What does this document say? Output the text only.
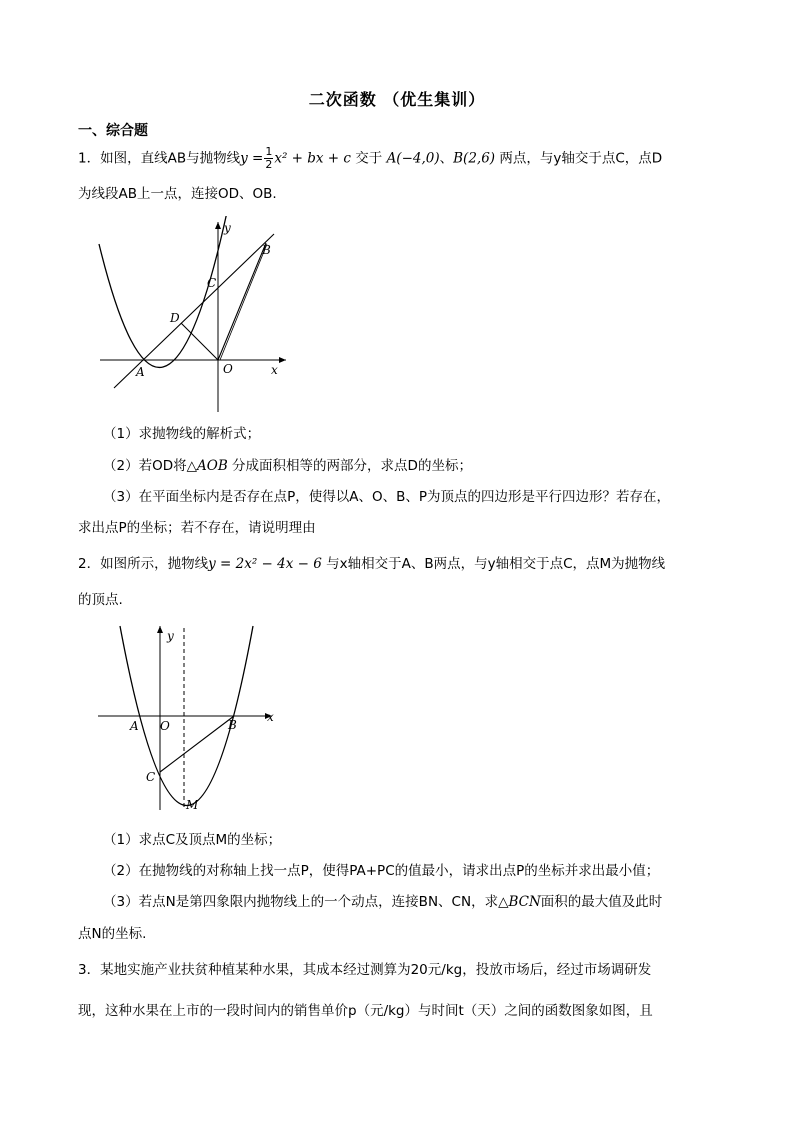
二次函数 （优生集训）
一、综合题
1．如图，直线AB与抛物线$y = \frac{1}{2} x^2$ + bx + c 交于 A(−4,0)、B(2,6) 两点，与y轴交于点C，点D
为线段AB上一点，连接OD、OB.
y
x
A	O
B
C
D
（1）求抛物线的解析式；
（2）若OD将△AOB 分成面积相等的两部分，求点D的坐标；
（3）在平面坐标内是否存在点P，使得以A、O、B、P为顶点的四边形是平行四边形？若存在，
求出点P的坐标；若不存在，请说明理由
2．如图所示，抛物线y = 2x² − 4x − 6 与x轴相交于A、B两点，与y轴相交于点C，点M为抛物线
的顶点.
y
x
A O	B
C
M
（1）求点C及顶点M的坐标；
（2）在抛物线的对称轴上找一点P，使得PA+PC的值最小，请求出点P的坐标并求出最小值；
（3）若点N是第四象限内抛物线上的一个动点，连接BN、CN，求△BCN面积的最大值及此时
点N的坐标.
3．某地实施产业扶贫种植某种水果，其成本经过测算为20元/kg，投放市场后，经过市场调研发
现，这种水果在上市的一段时间内的销售单价p（元/kg）与时间t（天）之间的函数图象如图，且
